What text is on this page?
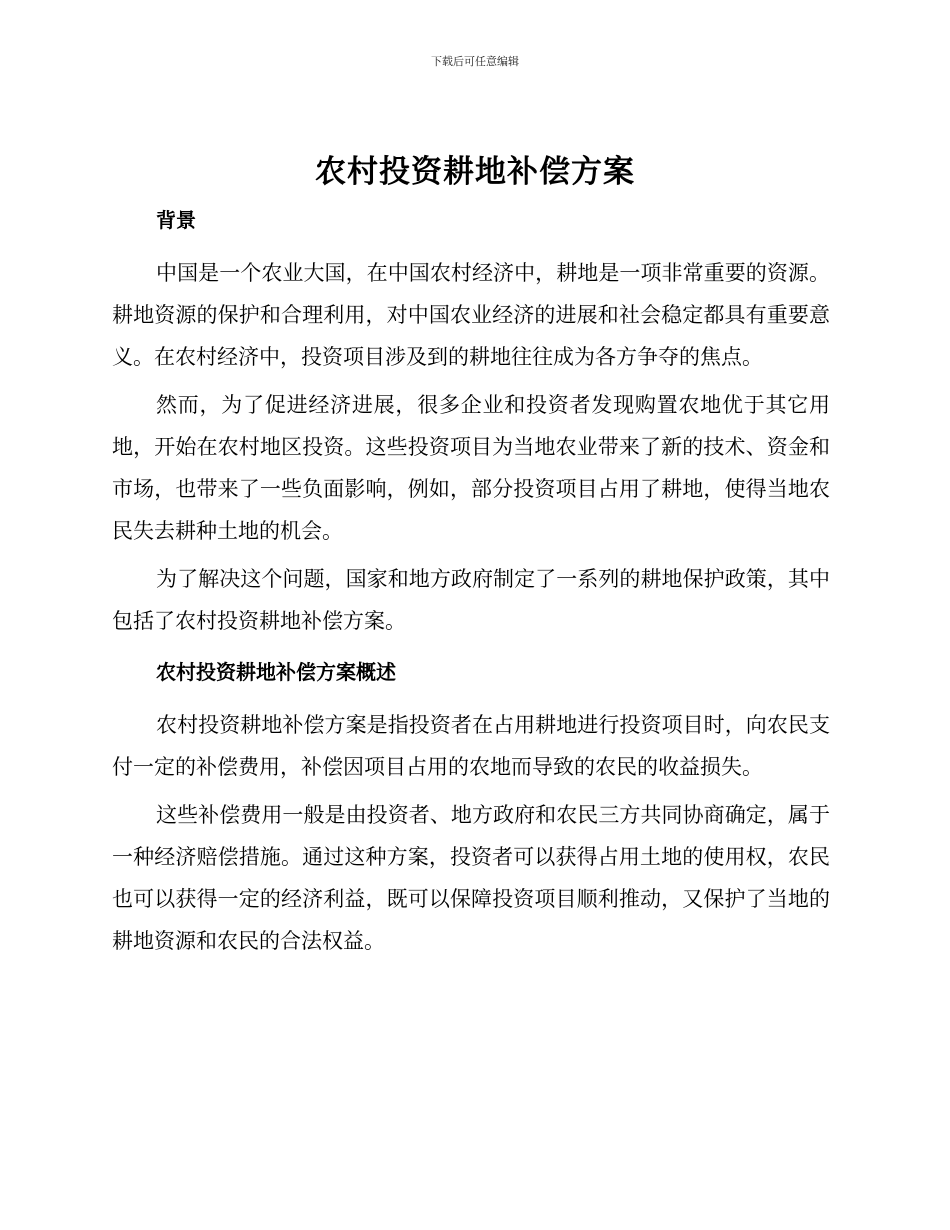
下载后可任意编辑
农村投资耕地补偿方案
背景

中国是一个农业大国，在中国农村经济中，耕地是一项非常重要的资源。耕地资源的保护和合理利用，对中国农业经济的进展和社会稳定都具有重要意义。在农村经济中，投资项目涉及到的耕地往往成为各方争夺的焦点。

然而，为了促进经济进展，很多企业和投资者发现购置农地优于其它用地，开始在农村地区投资。这些投资项目为当地农业带来了新的技术、资金和市场，也带来了一些负面影响，例如，部分投资项目占用了耕地，使得当地农民失去耕种土地的机会。

为了解决这个问题，国家和地方政府制定了一系列的耕地保护政策，其中包括了农村投资耕地补偿方案。

农村投资耕地补偿方案概述

农村投资耕地补偿方案是指投资者在占用耕地进行投资项目时，向农民支付一定的补偿费用，补偿因项目占用的农地而导致的农民的收益损失。

这些补偿费用一般是由投资者、地方政府和农民三方共同协商确定，属于一种经济赔偿措施。通过这种方案，投资者可以获得占用土地的使用权，农民也可以获得一定的经济利益，既可以保障投资项目顺利推动，又保护了当地的耕地资源和农民的合法权益。
